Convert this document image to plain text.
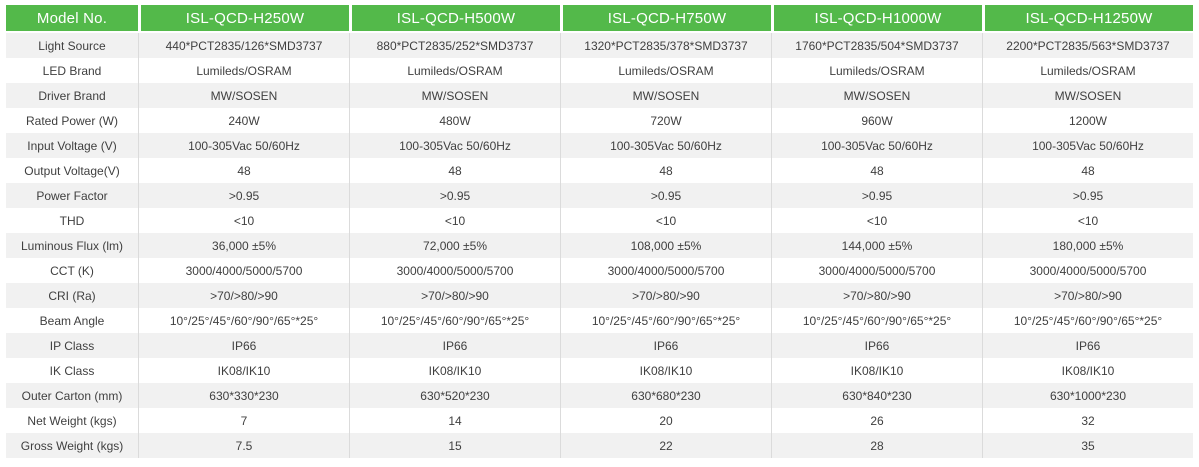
Model No.	ISL-QCD-H250W	ISL-QCD-H500W	ISL-QCD-H750W	ISL-QCD-H1000W	ISL-QCD-H1250W
Light Source	440*PCT2835/126*SMD3737	880*PCT2835/252*SMD3737	1320*PCT2835/378*SMD3737	1760*PCT2835/504*SMD3737	2200*PCT2835/563*SMD3737
LED Brand	Lumileds/OSRAM	Lumileds/OSRAM	Lumileds/OSRAM	Lumileds/OSRAM	Lumileds/OSRAM
Driver Brand	MW/SOSEN	MW/SOSEN	MW/SOSEN	MW/SOSEN	MW/SOSEN
Rated Power (W)	240W	480W	720W	960W	1200W
Input Voltage (V)	100-305Vac 50/60Hz	100-305Vac 50/60Hz	100-305Vac 50/60Hz	100-305Vac 50/60Hz	100-305Vac 50/60Hz
Output Voltage(V)	48	48	48	48	48
Power Factor	>0.95	>0.95	>0.95	>0.95	>0.95
THD	<10	<10	<10	<10	<10
Luminous Flux (lm)	36,000 ±5%	72,000 ±5%	108,000 ±5%	144,000 ±5%	180,000 ±5%
CCT (K)	3000/4000/5000/5700	3000/4000/5000/5700	3000/4000/5000/5700	3000/4000/5000/5700	3000/4000/5000/5700
CRI (Ra)	>70/>80/>90	>70/>80/>90	>70/>80/>90	>70/>80/>90	>70/>80/>90
Beam Angle	10°/25°/45°/60°/90°/65°*25°	10°/25°/45°/60°/90°/65°*25°	10°/25°/45°/60°/90°/65°*25°	10°/25°/45°/60°/90°/65°*25°	10°/25°/45°/60°/90°/65°*25°
IP Class	IP66	IP66	IP66	IP66	IP66
IK Class	IK08/IK10	IK08/IK10	IK08/IK10	IK08/IK10	IK08/IK10
Outer Carton (mm)	630*330*230	630*520*230	630*680*230	630*840*230	630*1000*230
Net Weight (kgs)	7	14	20	26	32
Gross Weight (kgs)	7.5	15	22	28	35
